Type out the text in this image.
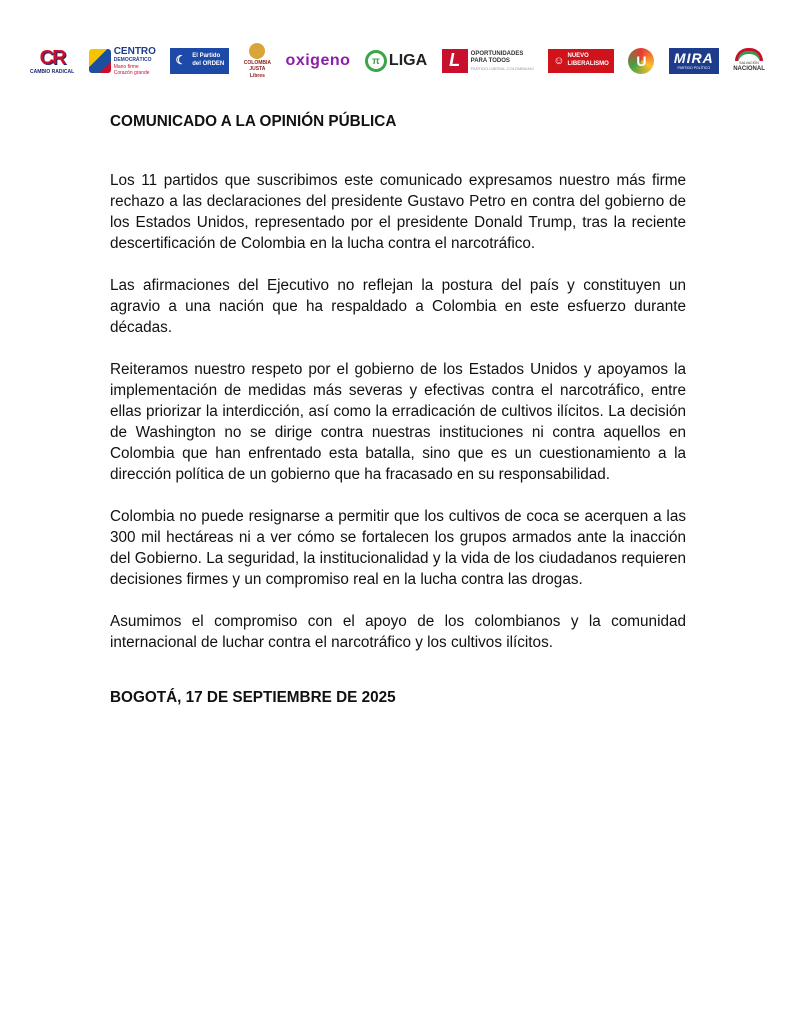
CR
CAMBIO RADICAL
CENTRO
DEMOCRÁTICO
Mano firme
Corazón grande
☾ El Partido
del ORDEN	COLOMBIA
JUSTA
Libres
oxigeno	π LIGA	L	OPORTUNIDADES
PARA TODOS
PARTIDO LIBERAL COLOMBIANO
☺ NUEVO
LIBERALISMO U MIRA
PARTIDO POLÍTICO
SALVACIÓN
NACIONAL
COMUNICADO A LA OPINIÓN PÚBLICA

Los 11 partidos que suscribimos este comunicado expresamos nuestro más firme rechazo a las declaraciones del presidente Gustavo Petro en contra del gobierno de los Estados Unidos, representado por el presidente Donald Trump, tras la reciente descertificación de Colombia en la lucha contra el narcotráfico.

Las afirmaciones del Ejecutivo no reflejan la postura del país y constituyen un agravio a una nación que ha respaldado a Colombia en este esfuerzo durante décadas.

Reiteramos nuestro respeto por el gobierno de los Estados Unidos y apoyamos la implementación de medidas más severas y efectivas contra el narcotráfico, entre ellas priorizar la interdicción, así como la erradicación de cultivos ilícitos. La decisión de Washington no se dirige contra nuestras instituciones ni contra aquellos en Colombia que han enfrentado esta batalla, sino que es un cuestionamiento a la dirección política de un gobierno que ha fracasado en su responsabilidad.

Colombia no puede resignarse a permitir que los cultivos de coca se acerquen a las 300 mil hectáreas ni a ver cómo se fortalecen los grupos armados ante la inacción del Gobierno. La seguridad, la institucionalidad y la vida de los ciudadanos requieren decisiones firmes y un compromiso real en la lucha contra las drogas.

Asumimos el compromiso con el apoyo de los colombianos y la comunidad internacional de luchar contra el narcotráfico y los cultivos ilícitos.

BOGOTÁ, 17 DE SEPTIEMBRE DE 2025
